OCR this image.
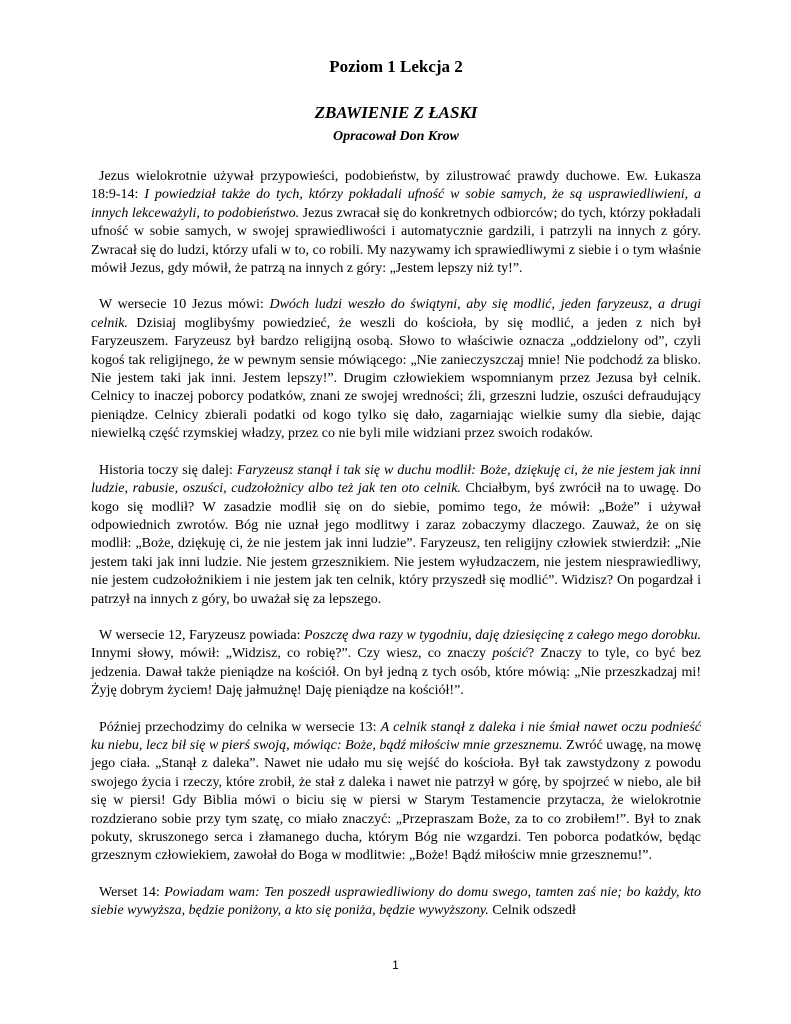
Poziom 1 Lekcja 2
ZBAWIENIE Z ŁASKI
Opracował Don Krow

Jezus wielokrotnie używał przypowieści, podobieństw, by zilustrować prawdy duchowe. Ew. Łukasza 18:9-14: I powiedział także do tych, którzy pokładali ufność w sobie samych, że są usprawiedliwieni, a innych lekceważyli, to podobieństwo. Jezus zwracał się do konkretnych odbiorców; do tych, którzy pokładali ufność w sobie samych, w swojej sprawiedliwości i automatycznie gardzili, i patrzyli na innych z góry. Zwracał się do ludzi, którzy ufali w to, co robili. My nazywamy ich sprawiedliwymi z siebie i o tym właśnie mówił Jezus, gdy mówił, że patrzą na innych z góry: „Jestem lepszy niż ty!”.

W wersecie 10 Jezus mówi: Dwóch ludzi weszło do świątyni, aby się modlić, jeden faryzeusz, a drugi celnik. Dzisiaj moglibyśmy powiedzieć, że weszli do kościoła, by się modlić, a jeden z nich był Faryzeuszem. Faryzeusz był bardzo religijną osobą. Słowo to właściwie oznacza „oddzielony od”, czyli kogoś tak religijnego, że w pewnym sensie mówiącego: „Nie zanieczyszczaj mnie! Nie podchodź za blisko. Nie jestem taki jak inni. Jestem lepszy!”. Drugim człowiekiem wspomnianym przez Jezusa był celnik. Celnicy to inaczej poborcy podatków, znani ze swojej wredności; źli, grzeszni ludzie, oszuści defraudujący pieniądze. Celnicy zbierali podatki od kogo tylko się dało, zagarniając wielkie sumy dla siebie, dając niewielką część rzymskiej władzy, przez co nie byli mile widziani przez swoich rodaków.

Historia toczy się dalej: Faryzeusz stanął i tak się w duchu modlił: Boże, dziękuję ci, że nie jestem jak inni ludzie, rabusie, oszuści, cudzołożnicy albo też jak ten oto celnik. Chciałbym, byś zwrócił na to uwagę. Do kogo się modlił? W zasadzie modlił się on do siebie, pomimo tego, że mówił: „Boże” i używał odpowiednich zwrotów. Bóg nie uznał jego modlitwy i zaraz zobaczymy dlaczego. Zauważ, że on się modlił: „Boże, dziękuję ci, że nie jestem jak inni ludzie”. Faryzeusz, ten religijny człowiek stwierdził: „Nie jestem taki jak inni ludzie. Nie jestem grzesznikiem. Nie jestem wyłudzaczem, nie jestem niesprawiedliwy, nie jestem cudzołożnikiem i nie jestem jak ten celnik, który przyszedł się modlić”. Widzisz? On pogardzał i patrzył na innych z góry, bo uważał się za lepszego.

W wersecie 12, Faryzeusz powiada: Poszczę dwa razy w tygodniu, daję dziesięcinę z całego mego dorobku. Innymi słowy, mówił: „Widzisz, co robię?”. Czy wiesz, co znaczy pościć? Znaczy to tyle, co być bez jedzenia. Dawał także pieniądze na kościół. On był jedną z tych osób, które mówią: „Nie przeszkadzaj mi! Żyję dobrym życiem! Daję jałmużnę! Daję pieniądze na kościół!”.

Później przechodzimy do celnika w wersecie 13: A celnik stanął z daleka i nie śmiał nawet oczu podnieść ku niebu, lecz bił się w pierś swoją, mówiąc: Boże, bądź miłościw mnie grzesznemu. Zwróć uwagę, na mowę jego ciała. „Stanął z daleka”. Nawet nie udało mu się wejść do kościoła. Był tak zawstydzony z powodu swojego życia i rzeczy, które zrobił, że stał z daleka i nawet nie patrzył w górę, by spojrzeć w niebo, ale bił się w piersi! Gdy Biblia mówi o biciu się w piersi w Starym Testamencie przytacza, że wielokrotnie rozdzierano sobie przy tym szatę, co miało znaczyć: „Przepraszam Boże, za to co zrobiłem!”. Był to znak pokuty, skruszonego serca i złamanego ducha, którym Bóg nie wzgardzi. Ten poborca podatków, będąc grzesznym człowiekiem, zawołał do Boga w modlitwie: „Boże! Bądź miłościw mnie grzesznemu!”.

Werset 14: Powiadam wam: Ten poszedł usprawiedliwiony do domu swego, tamten zaś nie; bo każdy, kto siebie wywyższa, będzie poniżony, a kto się poniża, będzie wywyższony. Celnik odszedł

1
